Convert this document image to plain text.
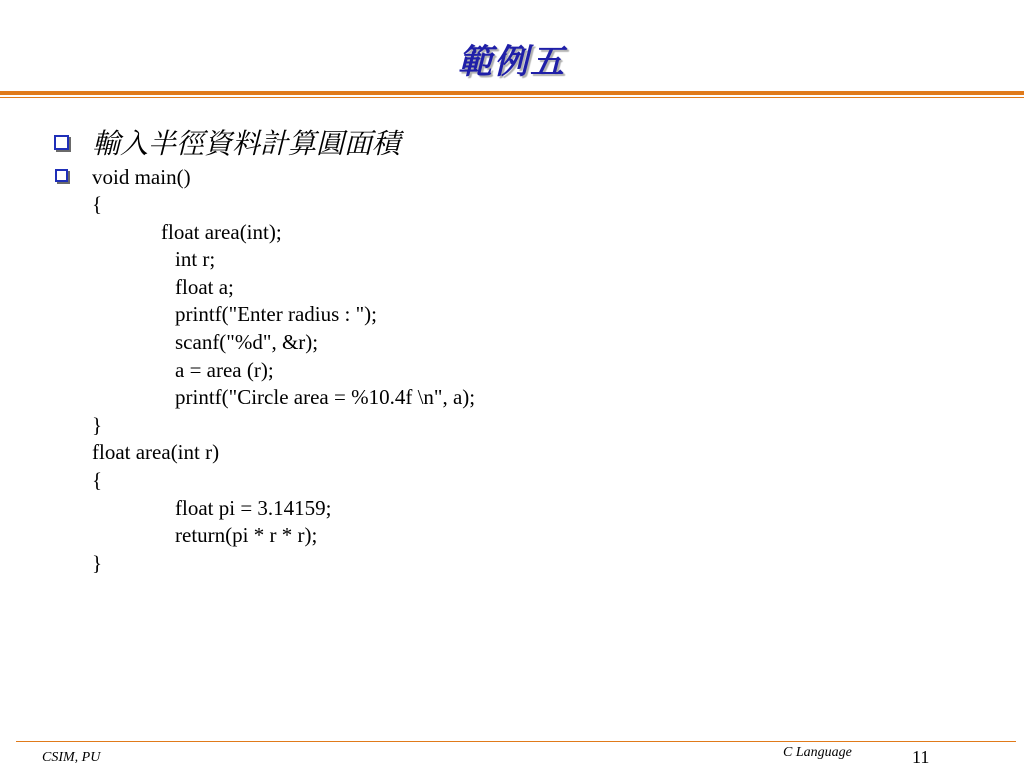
範例五
輸入半徑資料計算圓面積
void main()
{
float area(int);
int r;
float a;
printf("Enter radius : ");
scanf("%d", &r);
a = area (r);
printf("Circle area = %10.4f \n", a);
}
float area(int r)
{
float pi = 3.14159;
return(pi * r * r);
}
CSIM, PU	C Language	11
